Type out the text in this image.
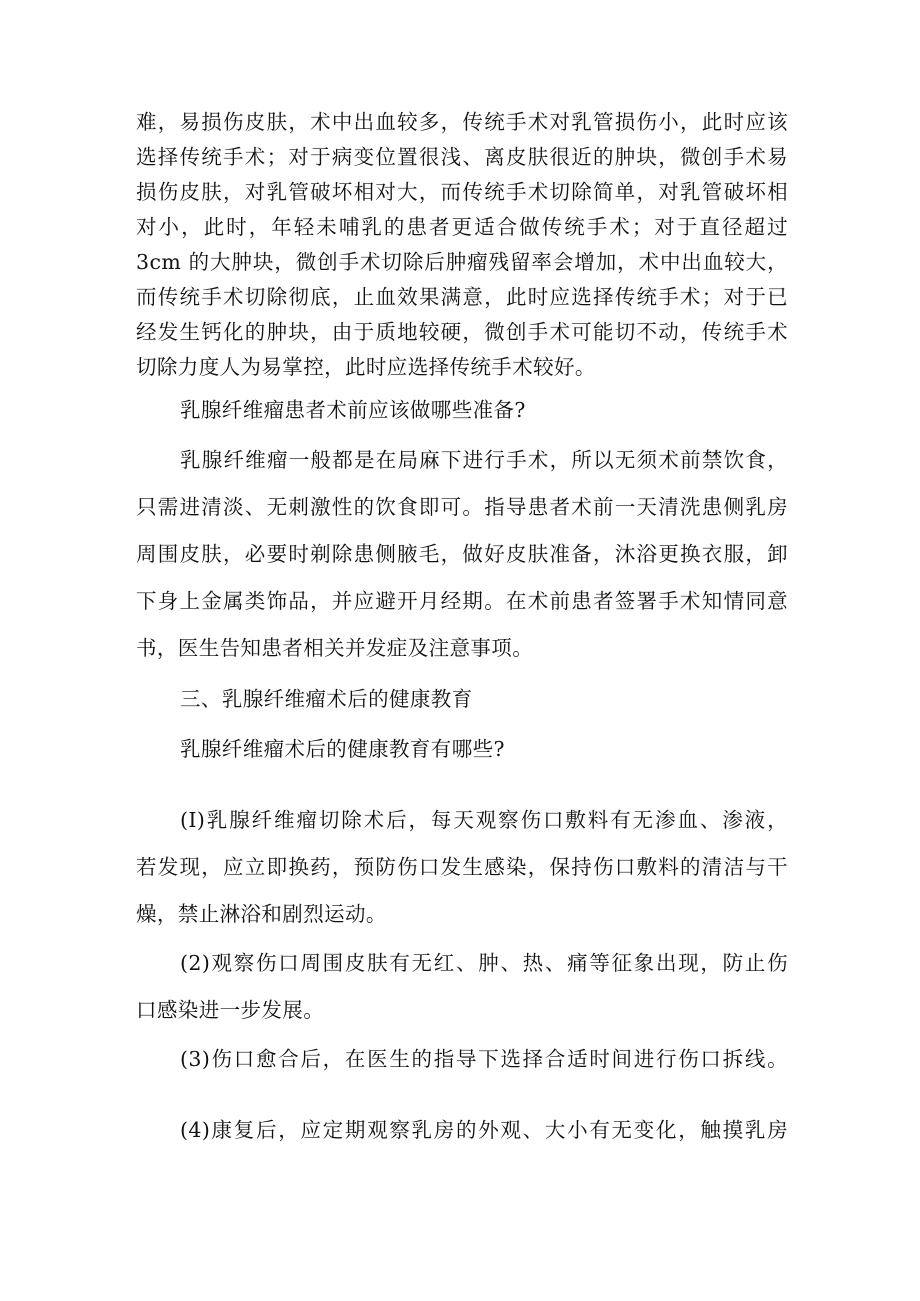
难，易损伤皮肤，术中出血较多，传统手术对乳管损伤小，此时应该
选择传统手术；对于病变位置很浅、离皮肤很近的肿块，微创手术易
损伤皮肤，对乳管破坏相对大，而传统手术切除简单，对乳管破坏相
对小，此时，年轻未哺乳的患者更适合做传统手术；对于直径超过
3cm 的大肿块，微创手术切除后肿瘤残留率会增加，术中出血较大，
而传统手术切除彻底，止血效果满意，此时应选择传统手术；对于已
经发生钙化的肿块，由于质地较硬，微创手术可能切不动，传统手术
切除力度人为易掌控，此时应选择传统手术较好。
乳腺纤维瘤患者术前应该做哪些准备?
乳腺纤维瘤一般都是在局麻下进行手术，所以无须术前禁饮食，
只需进清淡、无刺激性的饮食即可。指导患者术前一天清洗患侧乳房
周围皮肤，必要时剃除患侧腋毛，做好皮肤准备，沐浴更换衣服，卸
下身上金属类饰品，并应避开月经期。在术前患者签署手术知情同意
书，医生告知患者相关并发症及注意事项。
三、乳腺纤维瘤术后的健康教育
乳腺纤维瘤术后的健康教育有哪些?
(I)乳腺纤维瘤切除术后，每天观察伤口敷料有无渗血、渗液，
若发现，应立即换药，预防伤口发生感染，保持伤口敷料的清洁与干
燥，禁止淋浴和剧烈运动。
(2)观察伤口周围皮肤有无红、肿、热、痛等征象出现，防止伤
口感染进一步发展。
(3)伤口愈合后，在医生的指导下选择合适时间进行伤口拆线。
(4)康复后，应定期观察乳房的外观、大小有无变化，触摸乳房
